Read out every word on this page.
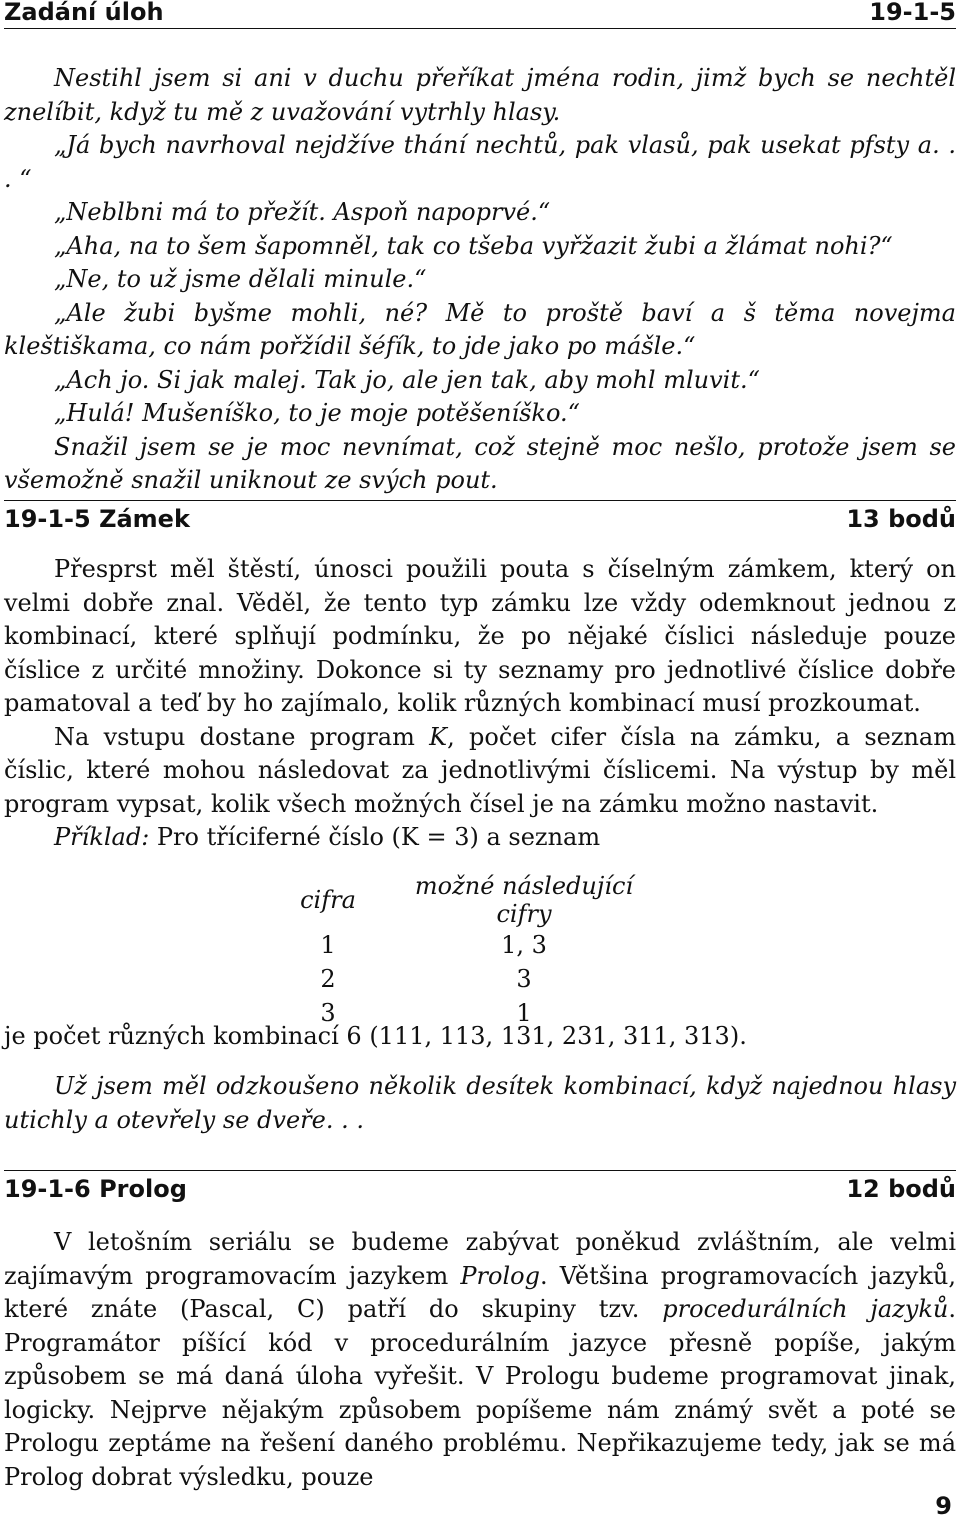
Zadání úloh	19-1-5

Nestihl jsem si ani v duchu přeříkat jména rodin, jimž bych se nechtěl znelíbit, když tu mě z uvažování vytrhly hlasy.

„Já bych navrhoval nejdžíve thání nechtů, pak vlasů, pak usekat pfsty a. . . “

„Neblbni má to přežít. Aspoň napoprvé.“

„Aha, na to šem šapomněl, tak co tšeba vyřžazit žubi a žlámat nohi?“

„Ne, to už jsme dělali minule.“

„Ale žubi byšme mohli, né? Mě to proště baví a š těma novejma kleštiškama, co nám pořžídil šéfík, to jde jako po mášle.“

„Ach jo. Si jak malej. Tak jo, ale jen tak, aby mohl mluvit.“

„Hulá! Mušeníško, to je moje potěšeníško.“

Snažil jsem se je moc nevnímat, což stejně moc nešlo, protože jsem se všemožně snažil uniknout ze svých pout.

19-1-5 Zámek	13 bodů

Přesprst měl štěstí, únosci použili pouta s číselným zámkem, který on velmi dobře znal. Věděl, že tento typ zámku lze vždy odemknout jednou z kombinací, které splňují podmínku, že po nějaké číslici následuje pouze číslice z určité množiny. Dokonce si ty seznamy pro jednotlivé číslice dobře pamatoval a teď by ho zajímalo, kolik různých kombinací musí prozkoumat.

Na vstupu dostane program K, počet cifer čísla na zámku, a seznam číslic, které mohou následovat za jednotlivými číslicemi. Na výstup by měl program vypsat, kolik všech možných čísel je na zámku možno nastavit.

Příklad: Pro tříciferné číslo (K = 3) a seznam

cifra	možné následující cifry
1	1, 3
2	3
3	1

je počet různých kombinací 6 (111, 113, 131, 231, 311, 313).

Už jsem měl odzkoušeno několik desítek kombinací, když najednou hlasy utichly a otevřely se dveře. . .

19-1-6 Prolog	12 bodů

V letošním seriálu se budeme zabývat poněkud zvláštním, ale velmi zajímavým programovacím jazykem Prolog. Většina programovacích jazyků, které znáte (Pascal, C) patří do skupiny tzv. procedurálních jazyků. Programátor píšící kód v procedurálním jazyce přesně popíše, jakým způsobem se má daná úloha vyřešit. V Prologu budeme programovat jinak, logicky. Nejprve nějakým způsobem popíšeme nám známý svět a poté se Prologu zeptáme na řešení daného problému. Nepřikazujeme tedy, jak se má Prolog dobrat výsledku, pouze

9
